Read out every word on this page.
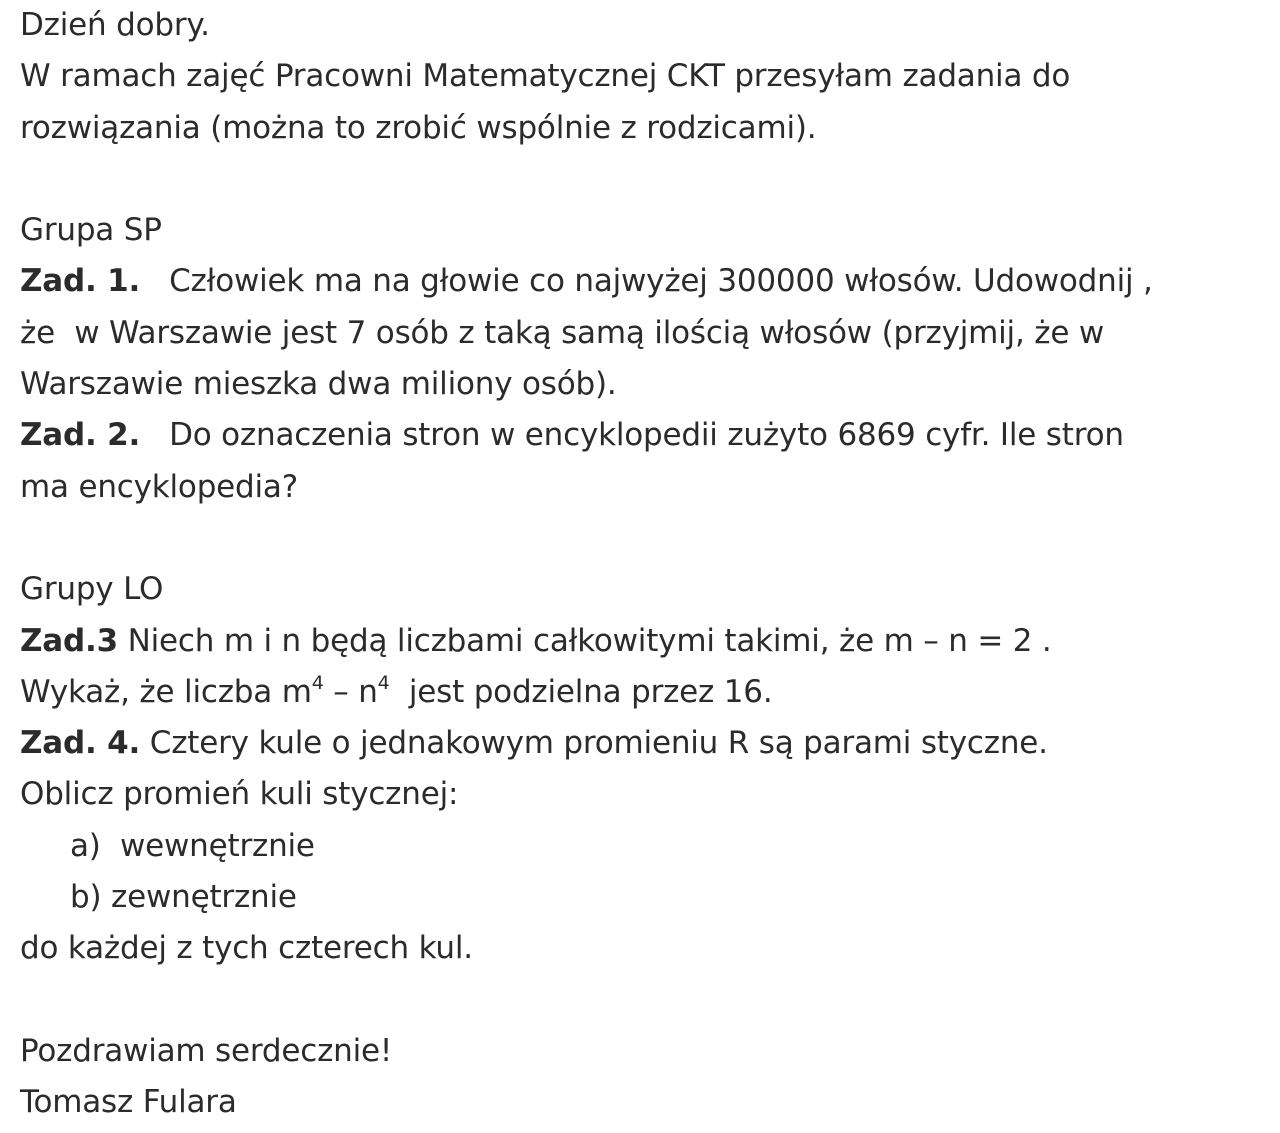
Dzień dobry.
W ramach zajęć Pracowni Matematycznej CKT przesyłam zadania do
rozwiązania (można to zrobić wspólnie z rodzicami).
Grupa SP
Zad. 1. Człowiek ma na głowie co najwyżej 300000 włosów. Udowodnij ,
że  w Warszawie jest 7 osób z taką samą ilością włosów (przyjmij, że w
Warszawie mieszka dwa miliony osób).
Zad. 2. Do oznaczenia stron w encyklopedii zużyto 6869 cyfr. Ile stron
ma encyklopedia?
Grupy LO
Zad.3 Niech m i n będą liczbami całkowitymi takimi, że m – n = 2 .
Wykaż, że liczba $m^4 - n^4$  jest podzielna przez 16.
Zad. 4. Cztery kule o jednakowym promieniu R są parami styczne.
Oblicz promień kuli stycznej:
a)  wewnętrznie
b) zewnętrznie
do każdej z tych czterech kul.
Pozdrawiam serdecznie!
Tomasz Fulara
